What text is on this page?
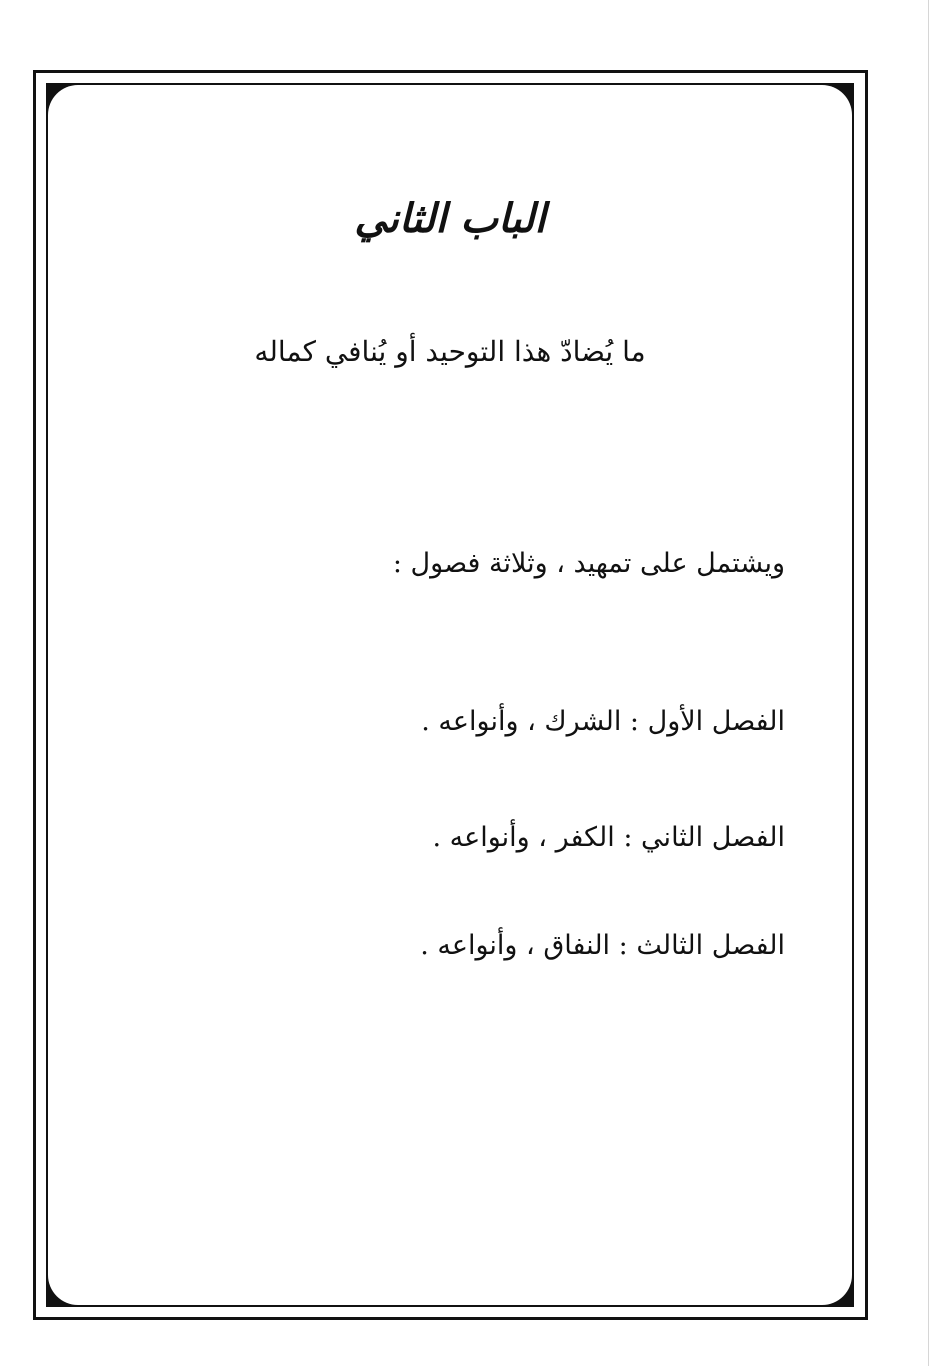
الباب الثاني
ما يُضادّ هذا التوحيد أو يُنافي كماله
ويشتمل على تمهيد ، وثلاثة فصول :
الفصل الأول : الشرك ، وأنواعه .
الفصل الثاني : الكفر ، وأنواعه .
الفصل الثالث : النفاق ، وأنواعه .
